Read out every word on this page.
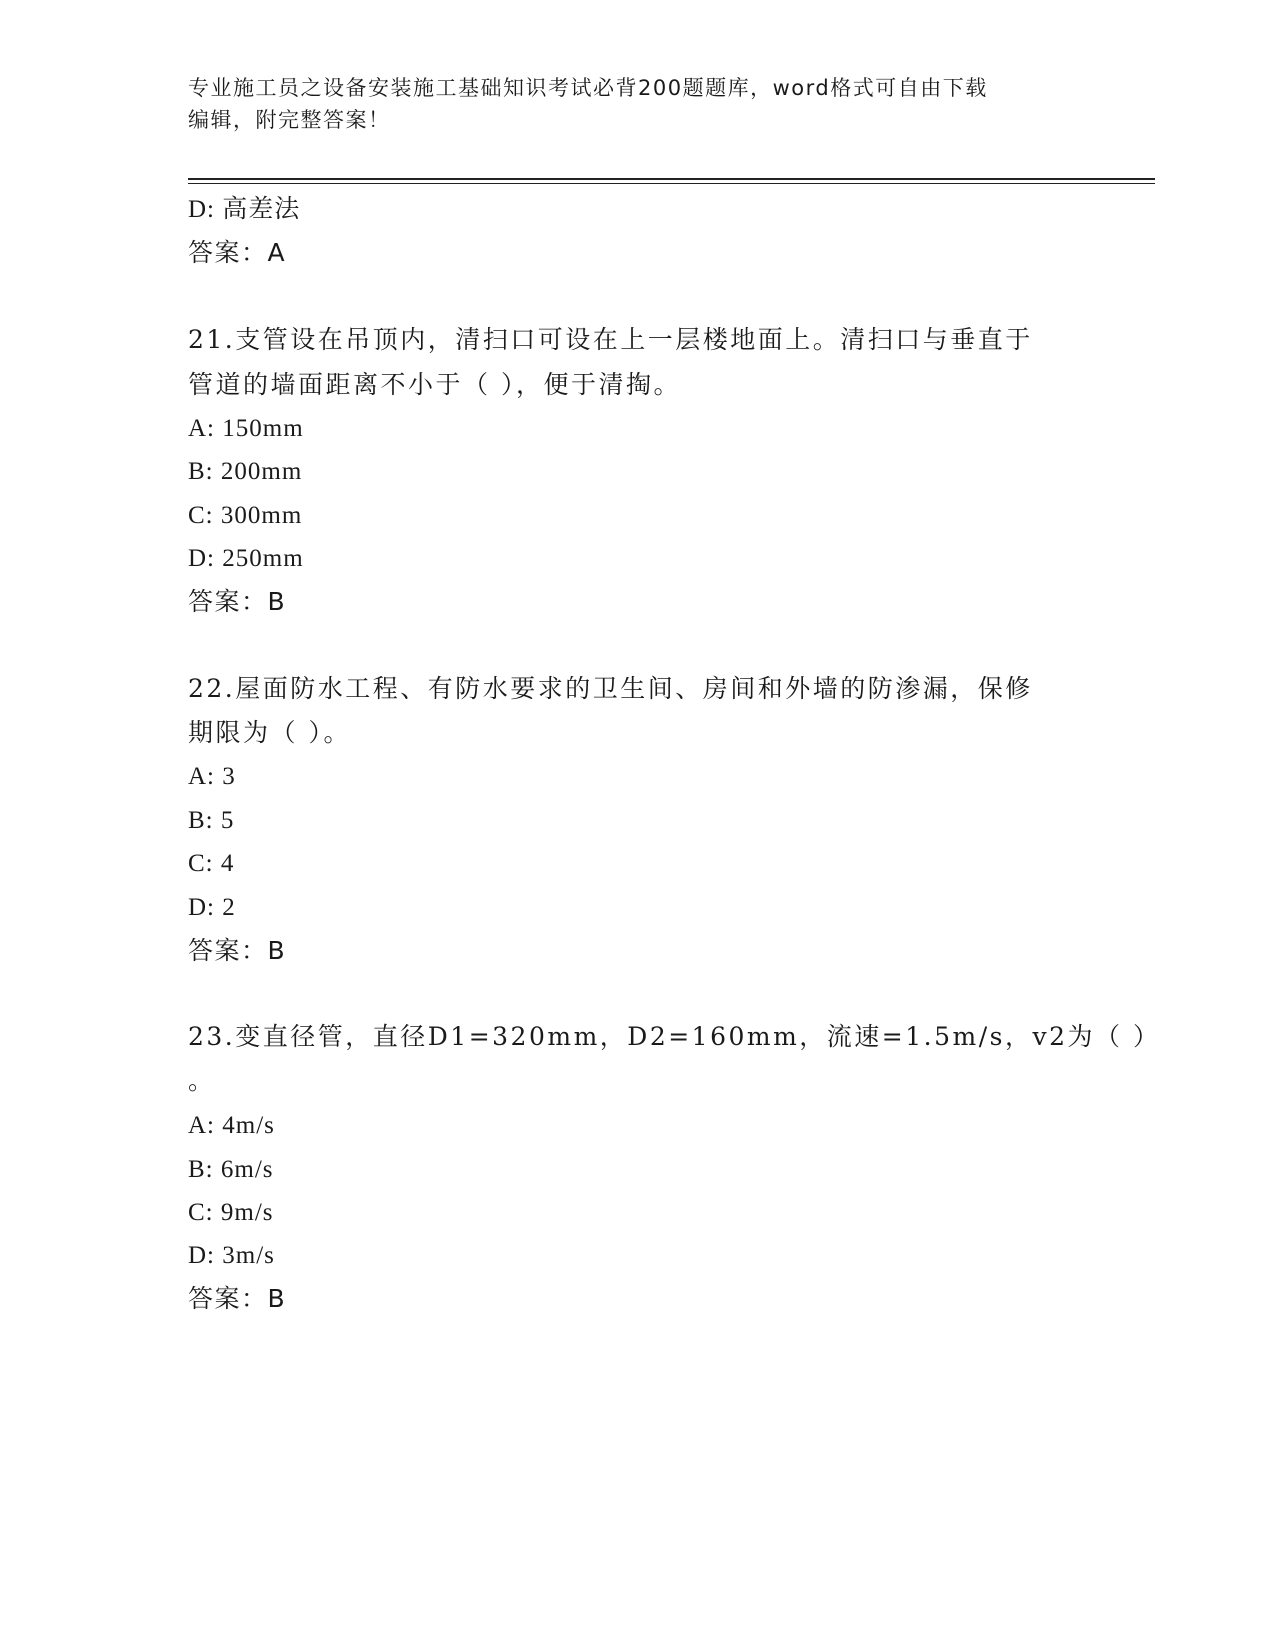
专业施工员之设备安装施工基础知识考试必背200题题库，word格式可自由下载
编辑，附完整答案！
D: 高差法
答案：A
21.支管设在吊顶内，清扫口可设在上一层楼地面上。清扫口与垂直于
管道的墙面距离不小于（ ），便于清掏。
A: 150mm
B: 200mm
C: 300mm
D: 250mm
答案：B
22.屋面防水工程、有防水要求的卫生间、房间和外墙的防渗漏，保修
期限为（ ）。
A: 3
B: 5
C: 4
D: 2
答案：B
23.变直径管，直径D1=320mm，D2=160mm，流速=1.5m/s，v2为（ ）
。
A: 4m/s
B: 6m/s
C: 9m/s
D: 3m/s
答案：B
